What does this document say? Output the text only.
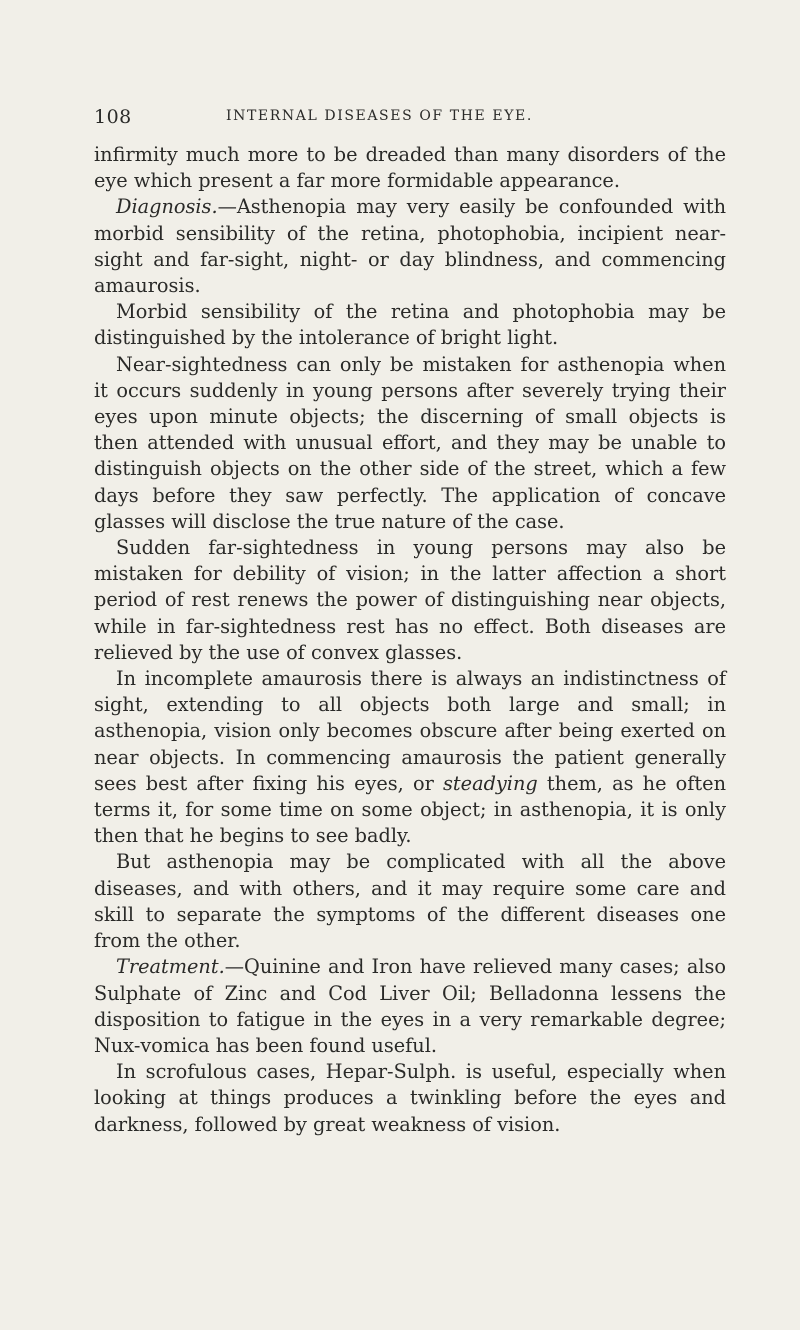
108	INTERNAL DISEASES OF THE EYE.

infirmity much more to be dreaded than many disorders of the eye which present a far more formidable appearance.

Diagnosis.—Asthenopia may very easily be confounded with morbid sensibility of the retina, photophobia, incipient near-sight and far-sight, night- or day blindness, and commencing amaurosis.

Morbid sensibility of the retina and photophobia may be distinguished by the intolerance of bright light.

Near-sightedness can only be mistaken for asthenopia when it occurs suddenly in young persons after severely trying their eyes upon minute objects; the discerning of small objects is then attended with unusual effort, and they may be unable to distinguish objects on the other side of the street, which a few days before they saw perfectly. The application of concave glasses will disclose the true nature of the case.

Sudden far-sightedness in young persons may also be mistaken for debility of vision; in the latter affection a short period of rest renews the power of distinguishing near objects, while in far-sightedness rest has no effect. Both diseases are relieved by the use of convex glasses.

In incomplete amaurosis there is always an indistinctness of sight, extending to all objects both large and small; in asthenopia, vision only becomes obscure after being exerted on near objects. In commencing amaurosis the patient generally sees best after fixing his eyes, or steadying them, as he often terms it, for some time on some object; in asthenopia, it is only then that he begins to see badly.

But asthenopia may be complicated with all the above diseases, and with others, and it may require some care and skill to separate the symptoms of the different diseases one from the other.

Treatment.—Quinine and Iron have relieved many cases; also Sulphate of Zinc and Cod Liver Oil; Belladonna lessens the disposition to fatigue in the eyes in a very remarkable degree; Nux-vomica has been found useful.

In scrofulous cases, Hepar-Sulph. is useful, especially when looking at things produces a twinkling before the eyes and darkness, followed by great weakness of vision.
